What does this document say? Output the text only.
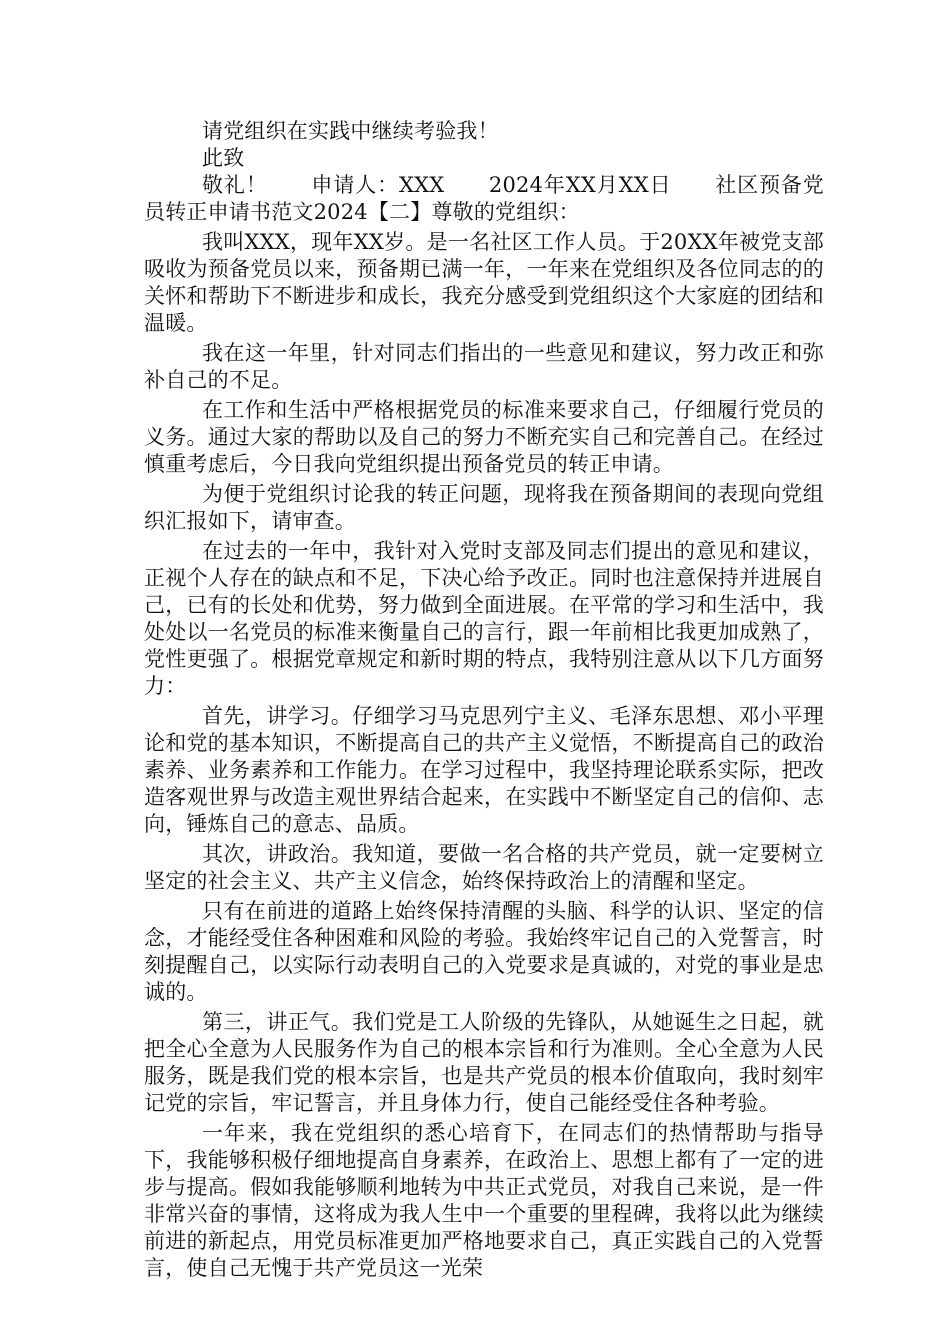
请党组织在实践中继续考验我！

此致

敬礼！　　申请人：XXX　　2024年XX月XX日　　社区预备党员转正申请书范文2024【二】尊敬的党组织：

我叫XXX，现年XX岁。是一名社区工作人员。于20XX年被党支部吸收为预备党员以来，预备期已满一年，一年来在党组织及各位同志的的关怀和帮助下不断进步和成长，我充分感受到党组织这个大家庭的团结和温暖。

我在这一年里，针对同志们指出的一些意见和建议，努力改正和弥补自己的不足。

在工作和生活中严格根据党员的标准来要求自己，仔细履行党员的义务。通过大家的帮助以及自己的努力不断充实自己和完善自己。在经过慎重考虑后，今日我向党组织提出预备党员的转正申请。

为便于党组织讨论我的转正问题，现将我在预备期间的表现向党组织汇报如下，请审查。

在过去的一年中，我针对入党时支部及同志们提出的意见和建议，正视个人存在的缺点和不足，下决心给予改正。同时也注意保持并进展自己，已有的长处和优势，努力做到全面进展。在平常的学习和生活中，我处处以一名党员的标准来衡量自己的言行，跟一年前相比我更加成熟了，党性更强了。根据党章规定和新时期的特点，我特别注意从以下几方面努力：

首先，讲学习。仔细学习马克思列宁主义、毛泽东思想、邓小平理论和党的基本知识，不断提高自己的共产主义觉悟，不断提高自己的政治素养、业务素养和工作能力。在学习过程中，我坚持理论联系实际，把改造客观世界与改造主观世界结合起来，在实践中不断坚定自己的信仰、志向，锤炼自己的意志、品质。

其次，讲政治。我知道，要做一名合格的共产党员，就一定要树立坚定的社会主义、共产主义信念，始终保持政治上的清醒和坚定。

只有在前进的道路上始终保持清醒的头脑、科学的认识、坚定的信念，才能经受住各种困难和风险的考验。我始终牢记自己的入党誓言，时刻提醒自己，以实际行动表明自己的入党要求是真诚的，对党的事业是忠诚的。

第三，讲正气。我们党是工人阶级的先锋队，从她诞生之日起，就把全心全意为人民服务作为自己的根本宗旨和行为准则。全心全意为人民服务，既是我们党的根本宗旨，也是共产党员的根本价值取向，我时刻牢记党的宗旨，牢记誓言，并且身体力行，使自己能经受住各种考验。

一年来，我在党组织的悉心培育下，在同志们的热情帮助与指导下，我能够积极仔细地提高自身素养，在政治上、思想上都有了一定的进步与提高。假如我能够顺利地转为中共正式党员，对我自己来说，是一件非常兴奋的事情，这将成为我人生中一个重要的里程碑，我将以此为继续前进的新起点，用党员标准更加严格地要求自己，真正实践自己的入党誓言，使自己无愧于共产党员这一光荣
